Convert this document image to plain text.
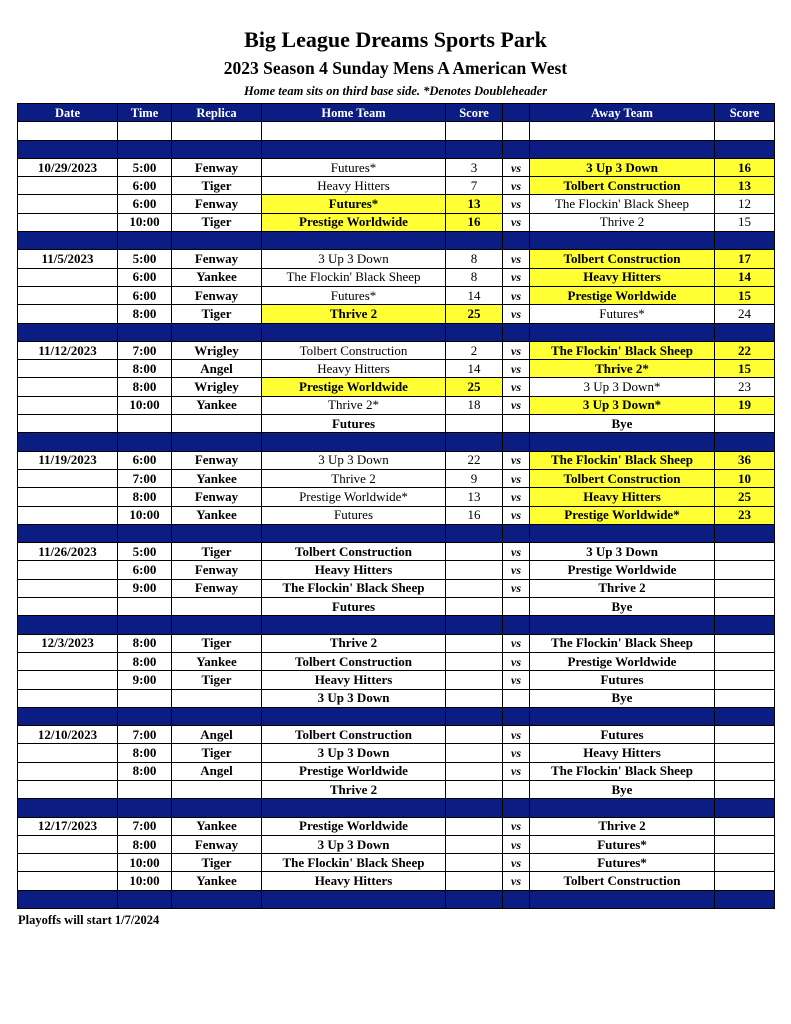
Big League Dreams Sports Park
2023 Season 4 Sunday Mens A American West
Home team sits on third base side. *Denotes Doubleheader
Date	Time	Replica	Home Team	Score		Away Team	Score

10/29/2023	5:00	Fenway	Futures*	3	vs	3 Up 3 Down	16
	6:00	Tiger	Heavy Hitters	7	vs	Tolbert Construction	13
	6:00	Fenway	Futures*	13	vs	The Flockin' Black Sheep	12
	10:00	Tiger	Prestige Worldwide	16	vs	Thrive 2	15

11/5/2023	5:00	Fenway	3 Up 3 Down	8	vs	Tolbert Construction	17
	6:00	Yankee	The Flockin' Black Sheep	8	vs	Heavy Hitters	14
	6:00	Fenway	Futures*	14	vs	Prestige Worldwide	15
	8:00	Tiger	Thrive 2	25	vs	Futures*	24

11/12/2023	7:00	Wrigley	Tolbert Construction	2	vs	The Flockin' Black Sheep	22
	8:00	Angel	Heavy Hitters	14	vs	Thrive 2*	15
	8:00	Wrigley	Prestige Worldwide	25	vs	3 Up 3 Down*	23
	10:00	Yankee	Thrive 2*	18	vs	3 Up 3 Down*	19
			Futures			Bye	

11/19/2023	6:00	Fenway	3 Up 3 Down	22	vs	The Flockin' Black Sheep	36
	7:00	Yankee	Thrive 2	9	vs	Tolbert Construction	10
	8:00	Fenway	Prestige Worldwide*	13	vs	Heavy Hitters	25
	10:00	Yankee	Futures	16	vs	Prestige Worldwide*	23

11/26/2023	5:00	Tiger	Tolbert Construction		vs	3 Up 3 Down	
	6:00	Fenway	Heavy Hitters		vs	Prestige Worldwide	
	9:00	Fenway	The Flockin' Black Sheep		vs	Thrive 2	
			Futures			Bye	

12/3/2023	8:00	Tiger	Thrive 2		vs	The Flockin' Black Sheep	
	8:00	Yankee	Tolbert Construction		vs	Prestige Worldwide	
	9:00	Tiger	Heavy Hitters		vs	Futures	
			3 Up 3 Down			Bye	

12/10/2023	7:00	Angel	Tolbert Construction		vs	Futures	
	8:00	Tiger	3 Up 3 Down		vs	Heavy Hitters	
	8:00	Angel	Prestige Worldwide		vs	The Flockin' Black Sheep	
			Thrive 2			Bye	

12/17/2023	7:00	Yankee	Prestige Worldwide		vs	Thrive 2	
	8:00	Fenway	3 Up 3 Down		vs	Futures*	
	10:00	Tiger	The Flockin' Black Sheep		vs	Futures*	
	10:00	Yankee	Heavy Hitters		vs	Tolbert Construction	

Playoffs will start 1/7/2024
